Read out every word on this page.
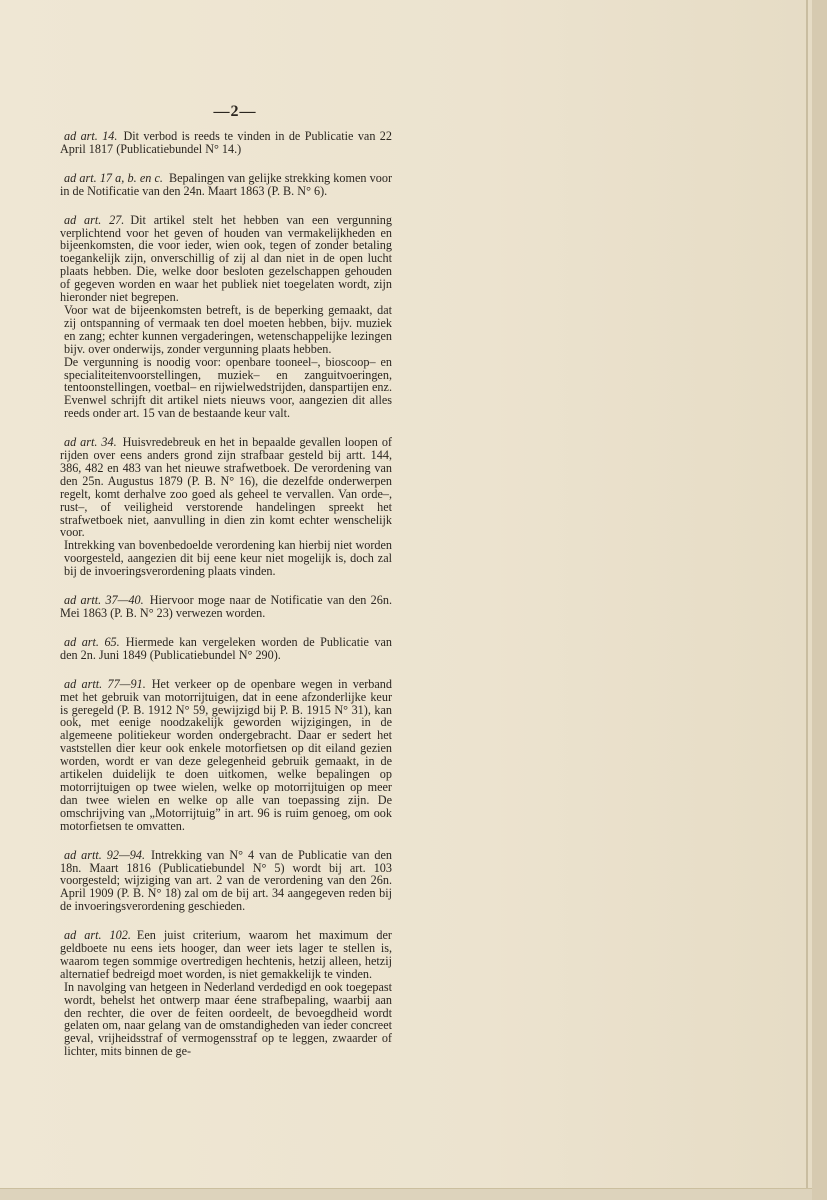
—2—

ad art. 14. Dit verbod is reeds te vinden in de Publicatie van 22 April 1817 (Publicatiebundel N° 14.)

ad art. 17 a, b. en c. Bepalingen van gelijke strekking komen voor in de Notificatie van den 24n. Maart 1863 (P. B. N° 6).

ad art. 27. Dit artikel stelt het hebben van een vergunning verplichtend voor het geven of houden van vermakelijkheden en bijeenkomsten, die voor ieder, wien ook, tegen of zonder betaling toegankelijk zijn, onverschillig of zij al dan niet in de open lucht plaats hebben. Die, welke door besloten gezelschappen gehouden of gegeven worden en waar het publiek niet toegelaten wordt, zijn hieronder niet begrepen.

Voor wat de bijeenkomsten betreft, is de beperking gemaakt, dat zij ontspanning of vermaak ten doel moeten hebben, bijv. muziek en zang; echter kunnen vergaderingen, wetenschappelijke lezingen bijv. over onderwijs, zonder vergunning plaats hebben.

De vergunning is noodig voor: openbare tooneel–, bioscoop– en specialiteitenvoorstellingen, muziek– en zanguitvoeringen, tentoonstellingen, voetbal– en rijwielwedstrijden, danspartijen enz. Evenwel schrijft dit artikel niets nieuws voor, aangezien dit alles reeds onder art. 15 van de bestaande keur valt.

ad art. 34. Huisvredebreuk en het in bepaalde gevallen loopen of rijden over eens anders grond zijn strafbaar gesteld bij artt. 144, 386, 482 en 483 van het nieuwe strafwetboek. De verordening van den 25n. Augustus 1879 (P. B. N° 16), die dezelfde onderwerpen regelt, komt derhalve zoo goed als geheel te vervallen. Van orde–, rust–, of veiligheid verstorende handelingen spreekt het strafwetboek niet, aanvulling in dien zin komt echter wenschelijk voor.

Intrekking van bovenbedoelde verordening kan hierbij niet worden voorgesteld, aangezien dit bij eene keur niet mogelijk is, doch zal bij de invoeringsverordening plaats vinden.

ad artt. 37—40. Hiervoor moge naar de Notificatie van den 26n. Mei 1863 (P. B. N° 23) verwezen worden.

ad art. 65. Hiermede kan vergeleken worden de Publicatie van den 2n. Juni 1849 (Publicatiebundel N° 290).

ad artt. 77—91. Het verkeer op de openbare wegen in verband met het gebruik van motorrijtuigen, dat in eene afzonderlijke keur is geregeld (P. B. 1912 N° 59, gewijzigd bij P. B. 1915 N° 31), kan ook, met eenige noodzakelijk geworden wijzigingen, in de algemeene politiekeur worden ondergebracht. Daar er sedert het vaststellen dier keur ook enkele motorfietsen op dit eiland gezien worden, wordt er van deze gelegenheid gebruik gemaakt, in de artikelen duidelijk te doen uitkomen, welke bepalingen op motorrijtuigen op twee wielen, welke op motorrijtuigen op meer dan twee wielen en welke op alle van toepassing zijn. De omschrijving van „Motorrijtuig” in art. 96 is ruim genoeg, om ook motorfietsen te omvatten.

ad artt. 92—94. Intrekking van N° 4 van de Publicatie van den 18n. Maart 1816 (Publicatiebundel N° 5) wordt bij art. 103 voorgesteld; wijziging van art. 2 van de verordening van den 26n. April 1909 (P. B. N° 18) zal om de bij art. 34 aangegeven reden bij de invoeringsverordening geschieden.

ad art. 102. Een juist criterium, waarom het maximum der geldboete nu eens iets hooger, dan weer iets lager te stellen is, waarom tegen sommige overtredigen hechtenis, hetzij alleen, hetzij alternatief bedreigd moet worden, is niet gemakkelijk te vinden.

In navolging van hetgeen in Nederland verdedigd en ook toegepast wordt, behelst het ontwerp maar éene strafbepaling, waarbij aan den rechter, die over de feiten oordeelt, de bevoegdheid wordt gelaten om, naar gelang van de omstandigheden van ieder concreet geval, vrijheidsstraf of vermogensstraf op te leggen, zwaarder of lichter, mits binnen de ge-
